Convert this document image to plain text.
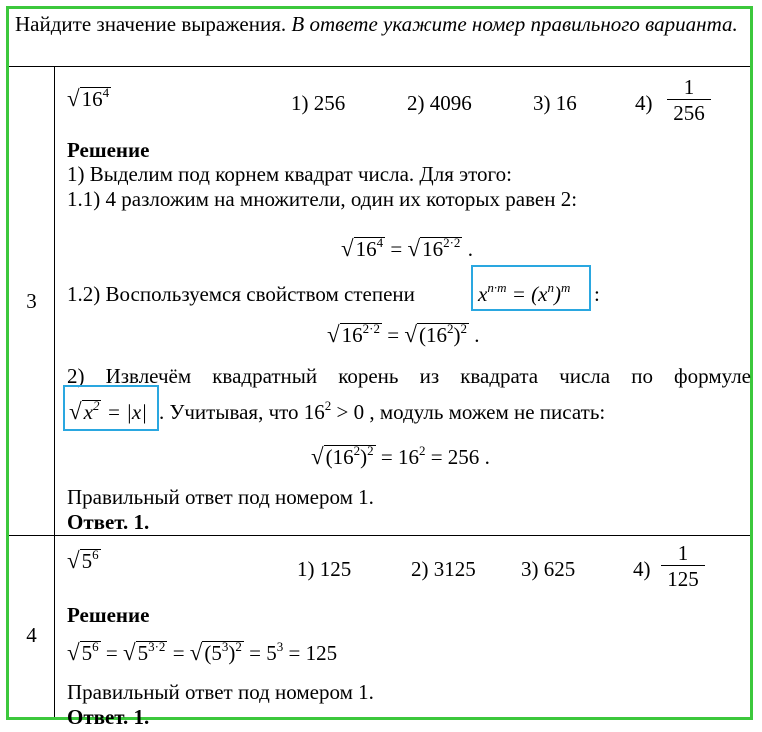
Найдите значение выражения. В ответе укажите номер правильного варианта.
3
$√16^4$	1) 256	2) 4096	3) 16	$4) \frac{1}{256}$
Решение
1) Выделим под корнем квадрат числа. Для этого:
1.1) 4 разложим на множители, один их которых равен 2:
$√16^4 = √16^{2\cdot 2}$ .
1.2) Воспользуемся свойством степени	$x^{n\cdot m} = (x^n)^m$ :
$√16^{2\cdot 2} = √(16^2)^2$ .
2) Извлечём квадратный корень из квадрата числа по формуле
$√x^2 = |x|$ . Учитывая, что $16^2 > 0$ , модуль можем не писать:
$√(16^2)^2 = 16^2 = 256$ .
Правильный ответ под номером 1.
Ответ. 1.
4
$√5^6$
1) 125	2) 3125 3) 625	$4) \frac{1}{125}$
Решение
$√5^6 = √5^{3\cdot 2} = √(5^3)^2 = 5^3 = 125$
Правильный ответ под номером 1.
Ответ. 1.
